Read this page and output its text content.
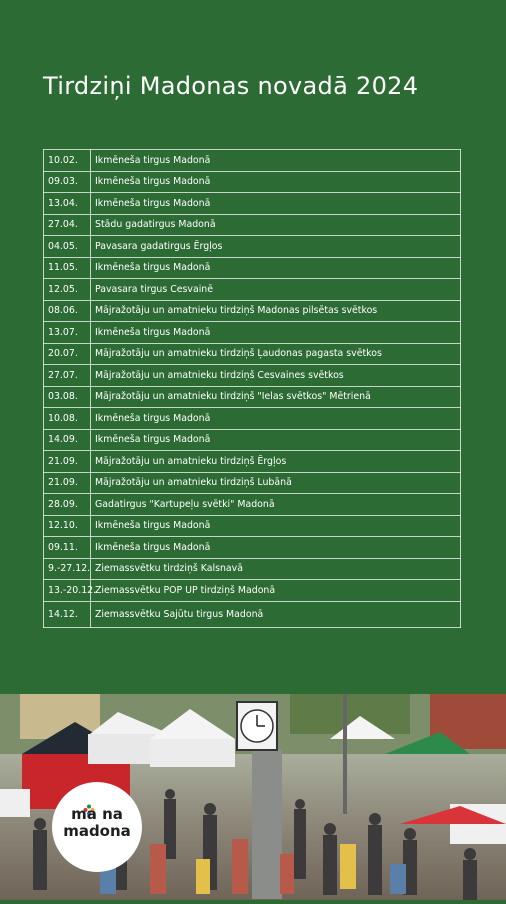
Tirdziņi Madonas novadā 2024
10.02.	Ikmēneša tirgus Madonā
09.03.	Ikmēneša tirgus Madonā
13.04.	Ikmēneša tirgus Madonā
27.04.	Stādu gadatirgus Madonā
04.05.	Pavasara gadatirgus Ērgļos
11.05.	Ikmēneša tirgus Madonā
12.05.	Pavasara tirgus Cesvainē
08.06.	Mājražotāju un amatnieku tirdziņš Madonas pilsētas svētkos
13.07.	Ikmēneša tirgus Madonā
20.07.	Mājražotāju un amatnieku tirdziņš Ļaudonas pagasta svētkos
27.07.	Mājražotāju un amatnieku tirdziņš Cesvaines svētkos
03.08.	Mājražotāju un amatnieku tirdziņš "Ielas svētkos" Mētrienā
10.08.	Ikmēneša tirgus Madonā
14.09.	Ikmēneša tirgus Madonā
21.09.	Mājražotāju un amatnieku tirdziņš Ērgļos
21.09.	Mājražotāju un amatnieku tirdziņš Lubānā
28.09.	Gadatirgus "Kartupeļu svētki" Madonā
12.10.	Ikmēneša tirgus Madonā
09.11.	Ikmēneša tirgus Madonā
9.-27.12.	Ziemassvētku tirdziņš Kalsnavā
13.-20.12.	Ziemassvētku POP UP tirdziņš Madonā
14.12.	Ziemassvētku Sajūtu tirgus Madonā
ma na
madona
